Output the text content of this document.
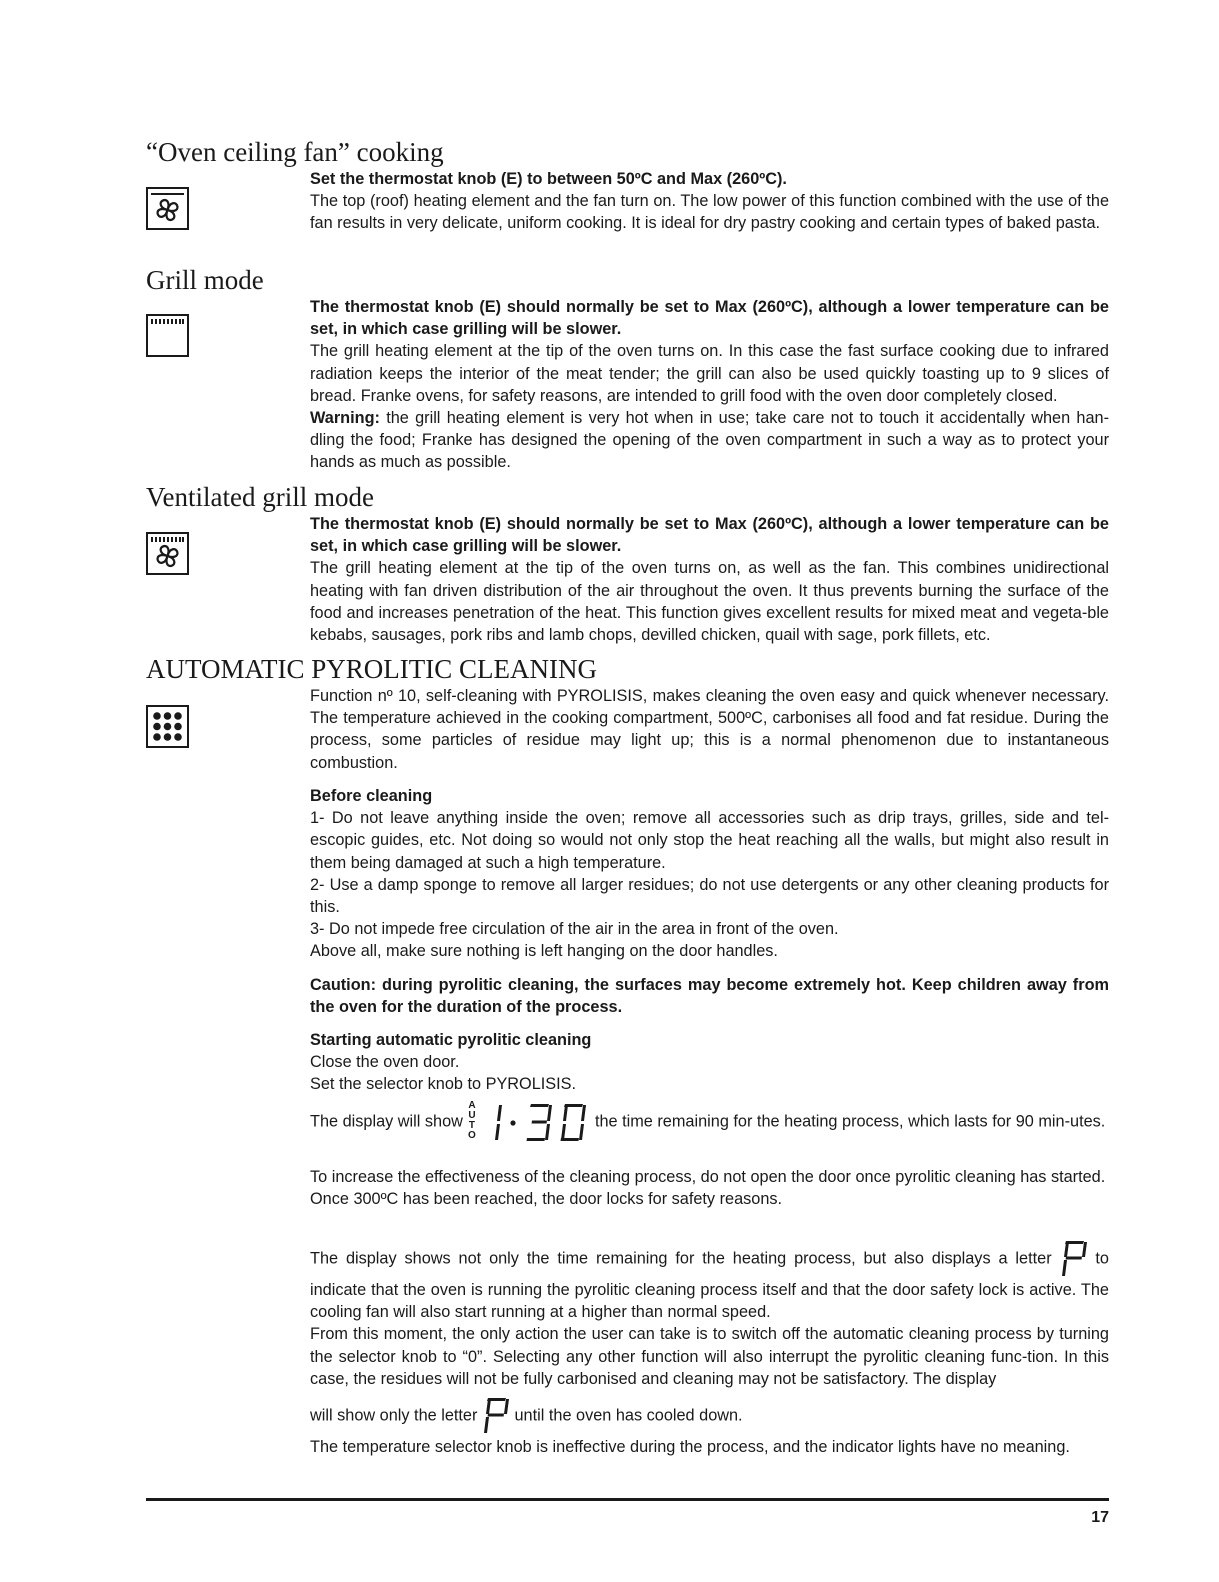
“Oven ceiling fan” cooking

Set the thermostat knob (E) to between 50ºC and Max (260ºC).

The top (roof) heating element and the fan turn on. The low power of this function combined with the use of the fan results in very delicate, uniform cooking. It is ideal for dry pastry cooking and certain types of baked pasta.

Grill mode

The thermostat knob (E) should normally be set to Max (260ºC), although a lower temperature can be set, in which case grilling will be slower.

The grill heating element at the tip of the oven turns on. In this case the fast surface cooking due to infrared radiation keeps the interior of the meat tender; the grill can also be used quickly toasting up to 9 slices of bread. Franke ovens, for safety reasons, are intended to grill food with the oven door completely closed.

Warning: the grill heating element is very hot when in use; take care not to touch it accidentally when han-dling the food; Franke has designed the opening of the oven compartment in such a way as to protect your hands as much as possible.

Ventilated grill mode

The thermostat knob (E) should normally be set to Max (260ºC), although a lower temperature can be set, in which case grilling will be slower.

The grill heating element at the tip of the oven turns on, as well as the fan. This combines unidirectional heating with fan driven distribution of the air throughout the oven. It thus prevents burning the surface of the food and increases penetration of the heat. This function gives excellent results for mixed meat and vegeta-ble kebabs, sausages, pork ribs and lamb chops, devilled chicken, quail with sage, pork fillets, etc.

AUTOMATIC PYROLITIC CLEANING

Function nº 10, self-cleaning with PYROLISIS, makes cleaning the oven easy and quick whenever necessary. The temperature achieved in the cooking compartment, 500ºC, carbonises all food and fat residue. During the process, some particles of residue may light up; this is a normal phenomenon due to instantaneous combustion.

Before cleaning

1- Do not leave anything inside the oven; remove all accessories such as drip trays, grilles, side and tel-escopic guides, etc. Not doing so would not only stop the heat reaching all the walls, but might also result in them being damaged at such a high temperature.

2- Use a damp sponge to remove all larger residues; do not use detergents or any other cleaning products for this.

3- Do not impede free circulation of the air in the area in front of the oven.

Above all, make sure nothing is left hanging on the door handles.

Caution: during pyrolitic cleaning, the surfaces may become extremely hot. Keep children away from the oven for the duration of the process.

Starting automatic pyrolitic cleaning

Close the oven door.

Set the selector knob to PYROLISIS.

The display will show
AUTO
the time remaining for the heating process, which lasts for 90 min-utes.

To increase the effectiveness of the cleaning process, do not open the door once pyrolitic cleaning has started.

Once 300ºC has been reached, the door locks for safety reasons.

The display shows not only the time remaining for the heating process, but also displays a letter	to indicate that the oven is running the pyrolitic cleaning process itself and that the door safety lock is active. The cooling fan will also start running at a higher than normal speed.

From this moment, the only action the user can take is to switch off the automatic cleaning process by turning the selector knob to “0”. Selecting any other function will also interrupt the pyrolitic cleaning func-tion. In this case, the residues will not be fully carbonised and cleaning may not be satisfactory. The display

will show only the letter until the oven has cooled down.

The temperature selector knob is ineffective during the process, and the indicator lights have no meaning.

17
